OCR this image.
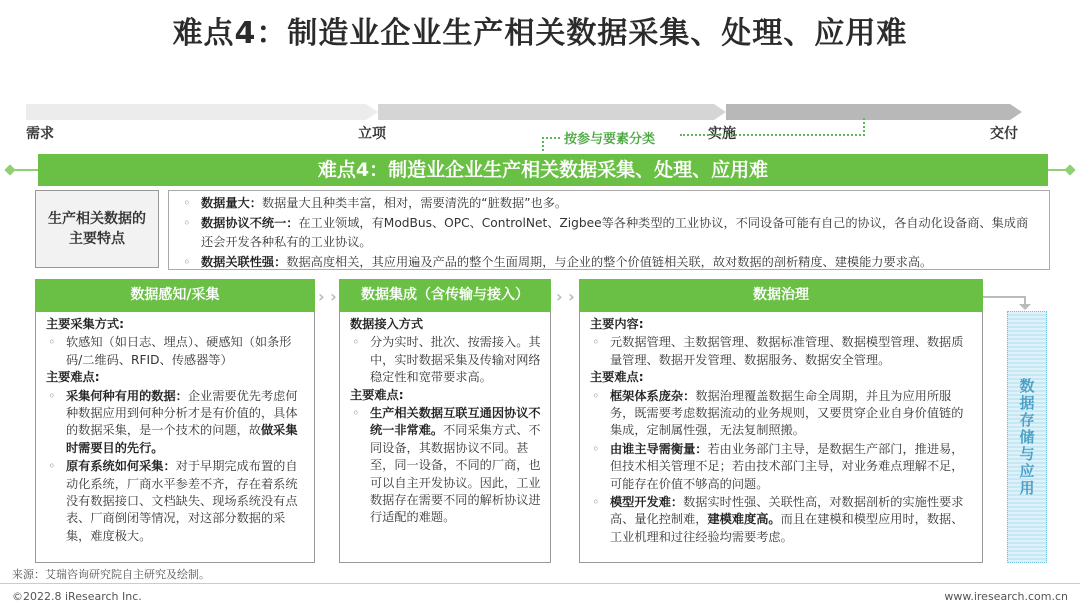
难点4：制造业企业生产相关数据采集、处理、应用难
需求	立项	实施	交付
按参与要素分类
难点4：制造业企业生产相关数据采集、处理、应用难
生产相关数据的主要特点
◦ 数据量大：数据量大且种类丰富，相对，需要清洗的“脏数据”也多。
◦ 数据协议不统一：在工业领域，有ModBus、OPC、ControlNet、Zigbee等各种类型的工业协议，不同设备可能有自己的协议，各自动化设备商、集成商还会开发各种私有的工业协议。
◦ 数据关联性强：数据高度相关，其应用遍及产品的整个生面周期，与企业的整个价值链相关联，故对数据的剖析精度、建模能力要求高。
数据感知/采集
主要采集方式:
◦ 软感知（如日志、埋点）、硬感知（如条形码/二维码、RFID、传感器等）
主要难点:
◦ 采集何种有用的数据：企业需要优先考虑何种数据应用到何种分析才是有价值的，具体的数据采集，是一个技术的问题，故做采集时需要目的先行。
◦ 原有系统如何采集：对于早期完成布置的自动化系统，厂商水平参差不齐，存在着系统没有数据接口、文档缺失、现场系统没有点表、厂商倒闭等情况，对这部分数据的采集，难度极大。
› ›	数据集成（含传输与接入）
数据接入方式
◦ 分为实时、批次、按需接入。其中，实时数据采集及传输对网络稳定性和宽带要求高。
主要难点:
◦ 生产相关数据互联互通因协议不统一非常难。不同采集方式、不同设备，其数据协议不同。甚至，同一设备，不同的厂商，也可以自主开发协议。因此，工业数据存在需要不同的解析协议进行适配的难题。
› ›	数据治理
主要内容:
◦ 元数据管理、主数据管理、数据标准管理、数据模型管理、数据质量管理、数据开发管理、数据服务、数据安全管理。
主要难点:
◦ 框架体系庞杂：数据治理覆盖数据生命全周期，并且为应用所服务，既需要考虑数据流动的业务规则，又要贯穿企业自身价值链的集成，定制属性强，无法复制照搬。
◦ 由谁主导需衡量：若由业务部门主导，是数据生产部门，推进易，但技术相关管理不足；若由技术部门主导，对业务难点理解不足，可能存在价值不够高的问题。
◦ 模型开发难：数据实时性强、关联性高，对数据剖析的实施性要求高、量化控制难，建模难度高。而且在建模和模型应用时，数据、工业机理和过往经验均需要考虑。
数据存储与应用
来源：艾瑞咨询研究院自主研究及绘制。
©2022.8 iResearch Inc.	www.iresearch.com.cn
